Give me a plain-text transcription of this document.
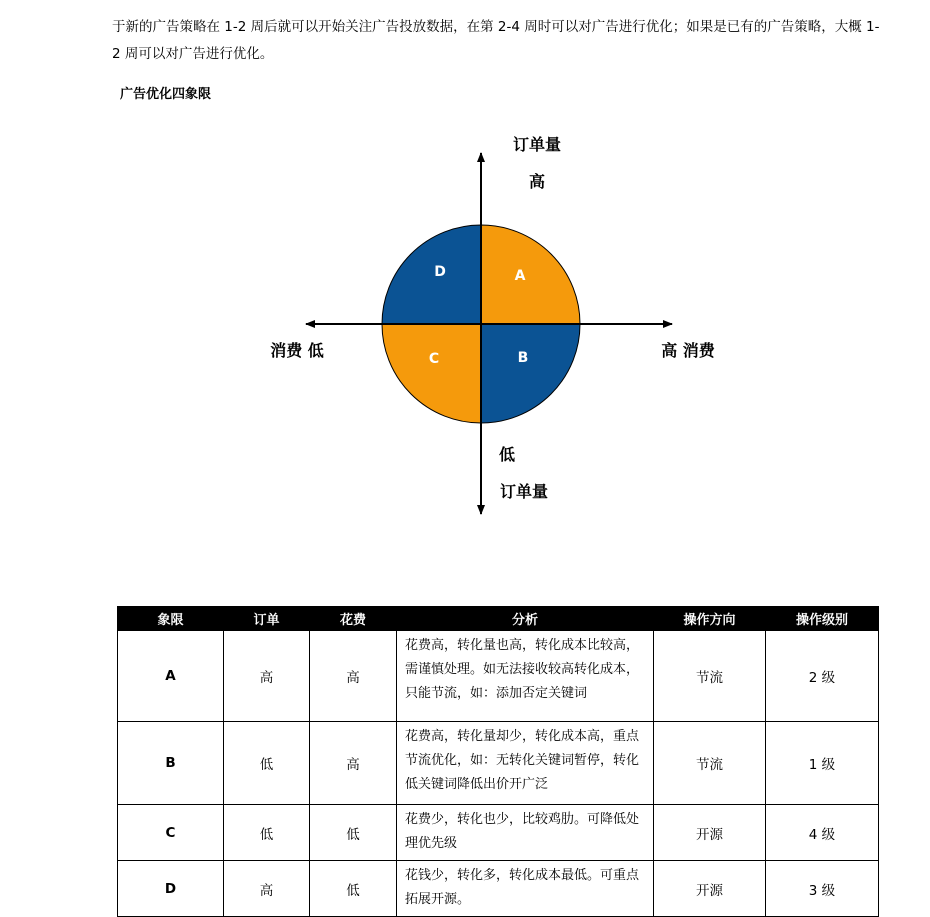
于新的广告策略在 1-2 周后就可以开始关注广告投放数据，在第 2-4 周时可以对广告进行优化；如果是已有的广告策略，大概 1-2 周可以对广告进行优化。

广告优化四象限

A
B
C
D
订单量
高
低
订单量
消费 低	高 消费
象限	订单	花费	分析	操作方向	操作级别
A	高	高	花费高，转化量也高，转化成本比较高，需谨慎处理。如无法接收较高转化成本，只能节流，如：添加否定关键词	节流	2 级
B	低	高	花费高，转化量却少，转化成本高，重点节流优化，如：无转化关键词暂停，转化低关键词降低出价开广泛	节流	1 级
C	低	低	花费少，转化也少，比较鸡肋。可降低处理优先级	开源	4 级
D	高	低	花钱少，转化多，转化成本最低。可重点拓展开源。	开源	3 级
